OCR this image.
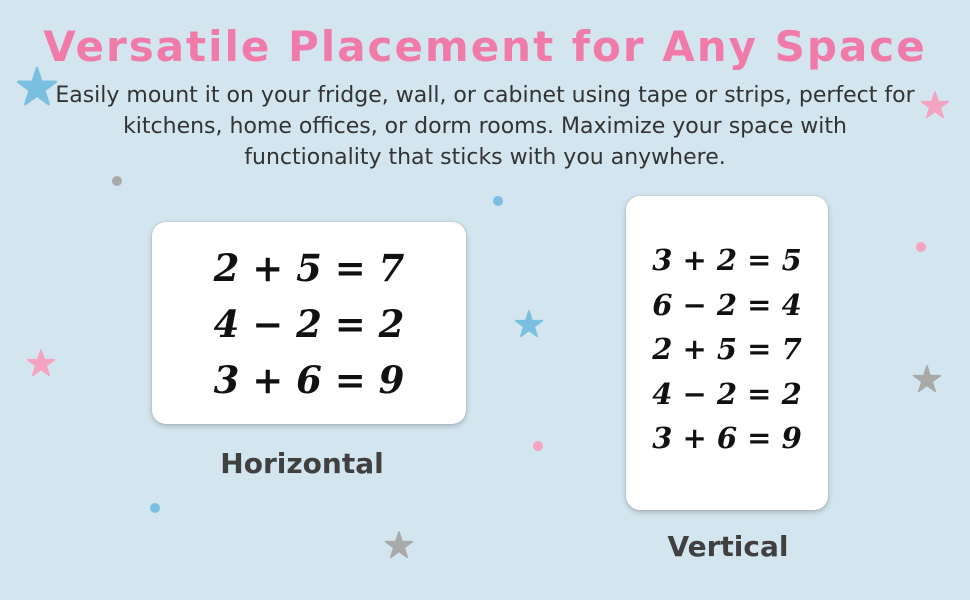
Versatile Placement for Any Space
Easily mount it on your fridge, wall, or cabinet using tape or strips, perfect for kitchens, home offices, or dorm rooms. Maximize your space with functionality that sticks with you anywhere.
2 + 5 = 7
4 − 2 = 2
3 + 6 = 9
Horizontal
3 + 2 = 5
6 − 2 = 4
2 + 5 = 7
4 − 2 = 2
3 + 6 = 9
Vertical
